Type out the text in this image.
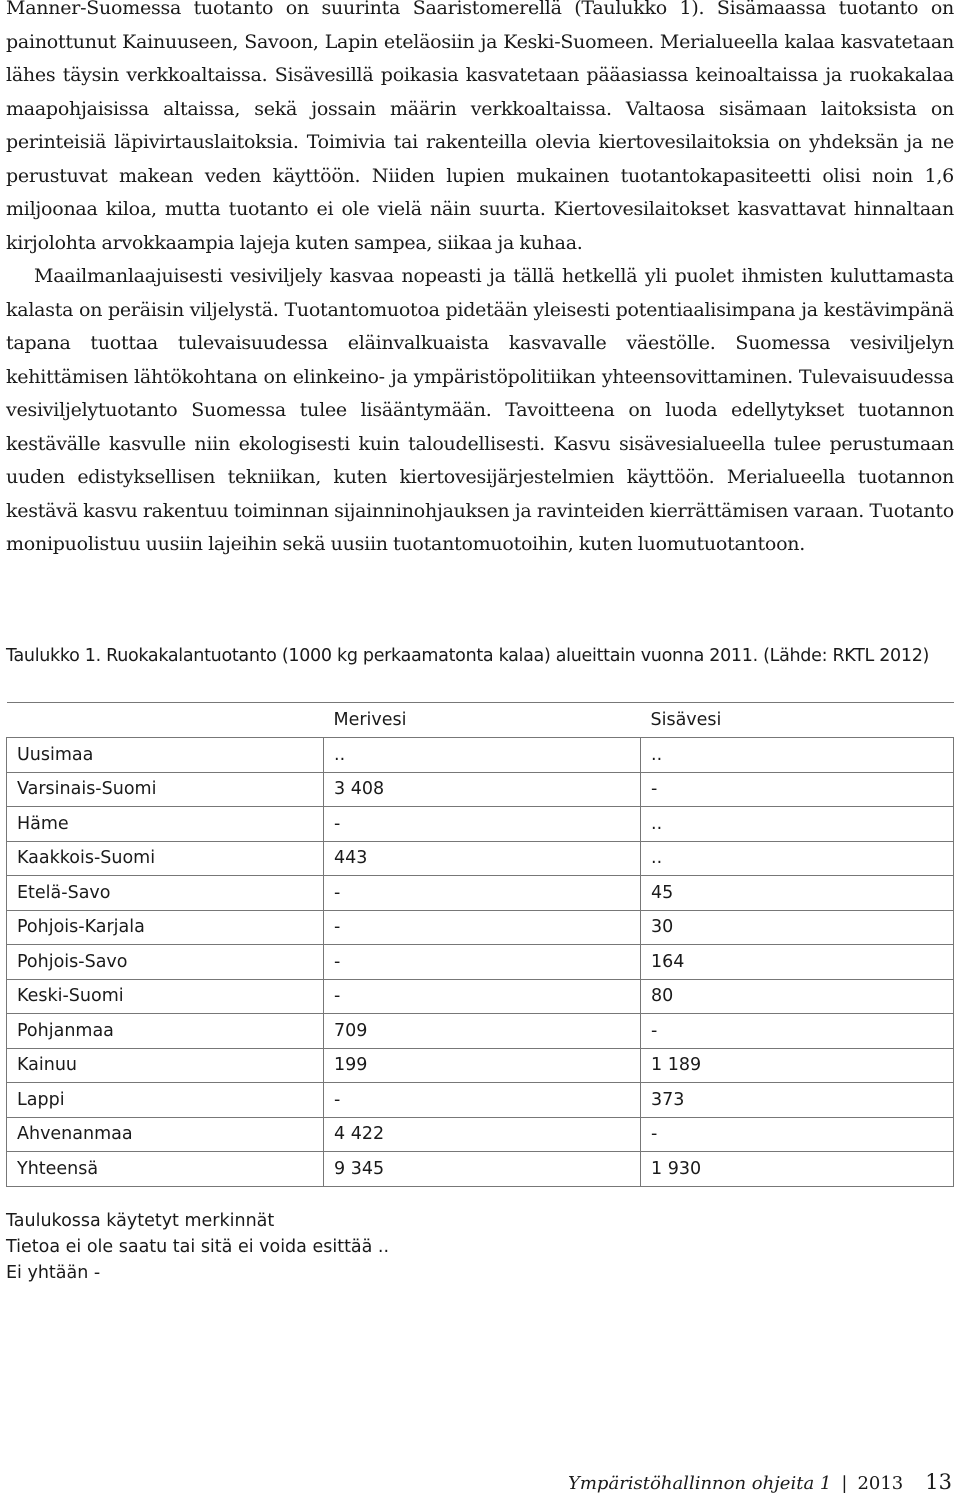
Manner-Suomessa tuotanto on suurinta Saaristomerellä (Taulukko 1). Sisämaassa tuotanto on painottunut Kainuuseen, Savoon, Lapin eteläosiin ja Keski-Suomeen. Merialueella kalaa kasvatetaan lähes täysin verkkoaltaissa. Sisävesillä poikasia kasvatetaan pääasiassa keinoaltaissa ja ruokakalaa maapohjaisissa altaissa, sekä jossain määrin verkkoaltaissa. Valtaosa sisämaan laitoksista on perinteisiä läpivirtauslaitoksia. Toimivia tai rakenteilla olevia kiertovesilaitoksia on yhdeksän ja ne perustuvat makean veden käyttöön. Niiden lupien mukainen tuotantokapasiteetti olisi noin 1,6 miljoonaa kiloa, mutta tuotanto ei ole vielä näin suurta. Kiertovesilaitokset kasvattavat hinnaltaan kirjolohta arvokkaampia lajeja kuten sampea, siikaa ja kuhaa.

Maailmanlaajuisesti vesiviljely kasvaa nopeasti ja tällä hetkellä yli puolet ihmisten kuluttamasta kalasta on peräisin viljelystä. Tuotantomuotoa pidetään yleisesti potentiaalisimpana ja kestävimpänä tapana tuottaa tulevaisuudessa eläinvalkuaista kasvavalle väestölle. Suomessa vesiviljelyn kehittämisen lähtökohtana on elinkeino- ja ympäristöpolitiikan yhteensovittaminen. Tulevaisuudessa vesiviljelytuotanto Suomessa tulee lisääntymään. Tavoitteena on luoda edellytykset tuotannon kestävälle kasvulle niin ekologisesti kuin taloudellisesti. Kasvu sisävesialueella tulee perustumaan uuden edistyksellisen tekniikan, kuten kiertovesijärjestelmien käyttöön. Merialueella tuotannon kestävä kasvu rakentuu toiminnan sijainninohjauksen ja ravinteiden kierrättämisen varaan. Tuotanto monipuolistuu uusiin lajeihin sekä uusiin tuotantomuotoihin, kuten luomutuotantoon.

Taulukko 1. Ruokakalantuotanto (1000 kg perkaamatonta kalaa) alueittain vuonna 2011. (Lähde: RKTL 2012)
	Merivesi	Sisävesi
Uusimaa	..	..
Varsinais-Suomi	3 408	-
Häme	-	..
Kaakkois-Suomi	443	..
Etelä-Savo	-	45
Pohjois-Karjala	-	30
Pohjois-Savo	-	164
Keski-Suomi	-	80
Pohjanmaa	709	-
Kainuu	199	1 189
Lappi	-	373
Ahvenanmaa	4 422	-
Yhteensä	9 345	1 930
Taulukossa käytetyt merkinnät
Tietoa ei ole saatu tai sitä ei voida esittää ..
Ei yhtään -
Ympäristöhallinnon ohjeita 1 | 2013 13
